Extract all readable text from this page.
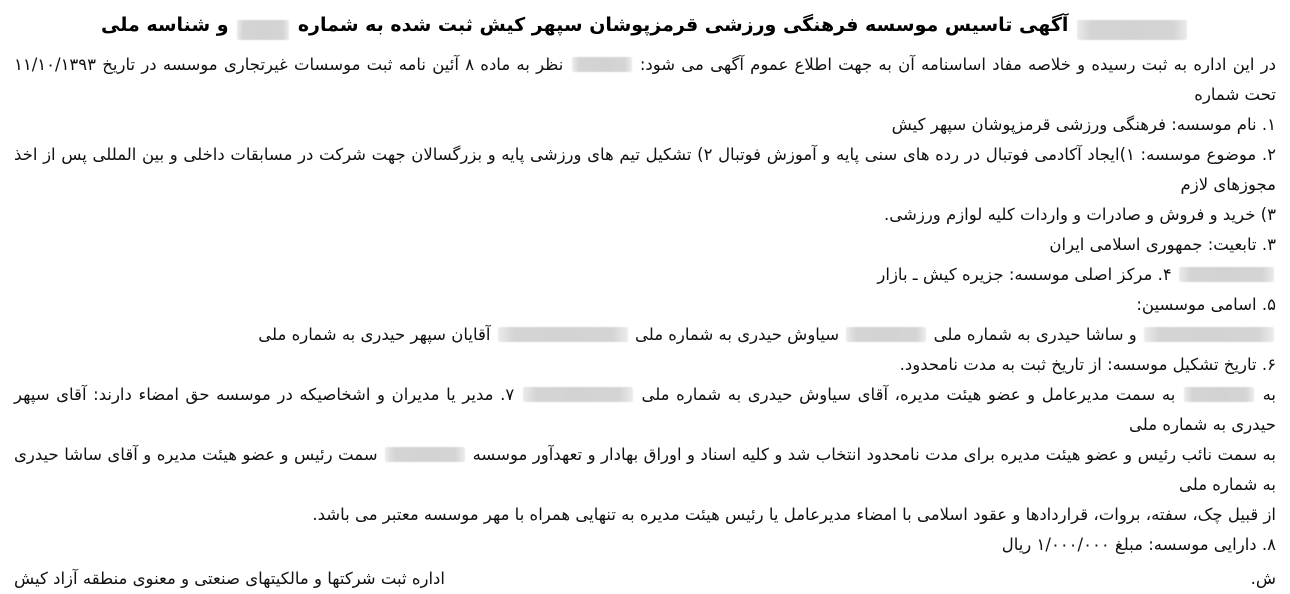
آگهی تاسیس موسسه فرهنگی ورزشی قرمزپوشان سپهر کیش ثبت شده به شماره  و شناسه ملی

در این اداره به ثبت رسیده و خلاصه مفاد اساسنامه آن به جهت اطلاع عموم آگهی می شود:  نظر به ماده ۸ آئین نامه ثبت موسسات غیرتجاری موسسه در تاریخ ۱۱/۱۰/۱۳۹۳ تحت شماره

۱. نام موسسه: فرهنگی ورزشی قرمزپوشان سپهر کیش

۲. موضوع موسسه: ۱)ایجاد آکادمی فوتبال در رده های سنی پایه و آموزش فوتبال ۲) تشکیل تیم های ورزشی پایه و بزرگسالان جهت شرکت در مسابقات داخلی و بین المللی پس از اخذ مجوزهای لازم

۳) خرید و فروش و صادرات و واردات کلیه لوازم ورزشی.

۳. تابعیت: جمهوری اسلامی ایران

۴. مرکز اصلی موسسه: جزیره کیش ـ بازار

۵. اسامی موسسین:

و ساشا حیدری به شماره ملی  سیاوش حیدری به شماره ملی  آقایان سپهر حیدری به شماره ملی

۶. تاریخ تشکیل موسسه: از تاریخ ثبت به مدت نامحدود.

به  به سمت مدیرعامل و عضو هیئت مدیره، آقای سیاوش حیدری به شماره ملی  ۷. مدیر یا مدیران و اشخاصیکه در موسسه حق امضاء دارند: آقای سپهر حیدری به شماره ملی

به سمت نائب رئیس و عضو هیئت مدیره برای مدت نامحدود انتخاب شد و کلیه اسناد و اوراق بهادار و تعهدآور موسسه  سمت رئیس و عضو هیئت مدیره و آقای ساشا حیدری به شماره ملی

از قبیل چک، سفته، بروات، قراردادها و عقود اسلامی با امضاء مدیرعامل یا رئیس هیئت مدیره به تنهایی همراه با مهر موسسه معتبر می باشد.

۸. دارایی موسسه: مبلغ ۱/۰۰۰/۰۰۰ ریال

ش.
اداره ثبت شرکتها و مالکیتهای صنعتی و معنوی منطقه آزاد کیش
